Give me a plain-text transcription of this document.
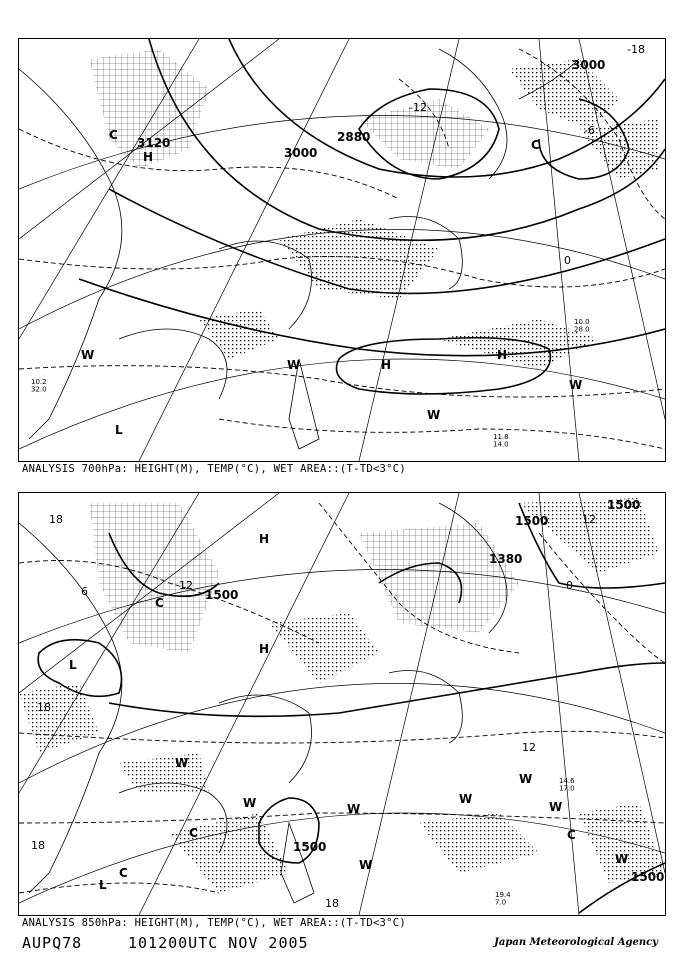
3120
3000
2880
3000
-18
-6
0
-12
H
C
H
H
W
W
W
L
W
C
10.2 32.0
11.8 14.0
10.0 28.0
ANALYSIS 700hPa: HEIGHT(M), TEMP(°C), WET AREA::(T-TD<3°C)
1500
1500
1380
1500
1500
1500
18
12
6	0
12
18
18
18
12
H
C
L
L
C
W
W	W
W
W
C
W
H
C
W
W
14.6 17.0
19.4 7.0
ANALYSIS 850hPa: HEIGHT(M), TEMP(°C), WET AREA::(T-TD<3°C)
AUPQ78	101200UTC NOV 2005	Japan Meteorological Agency
